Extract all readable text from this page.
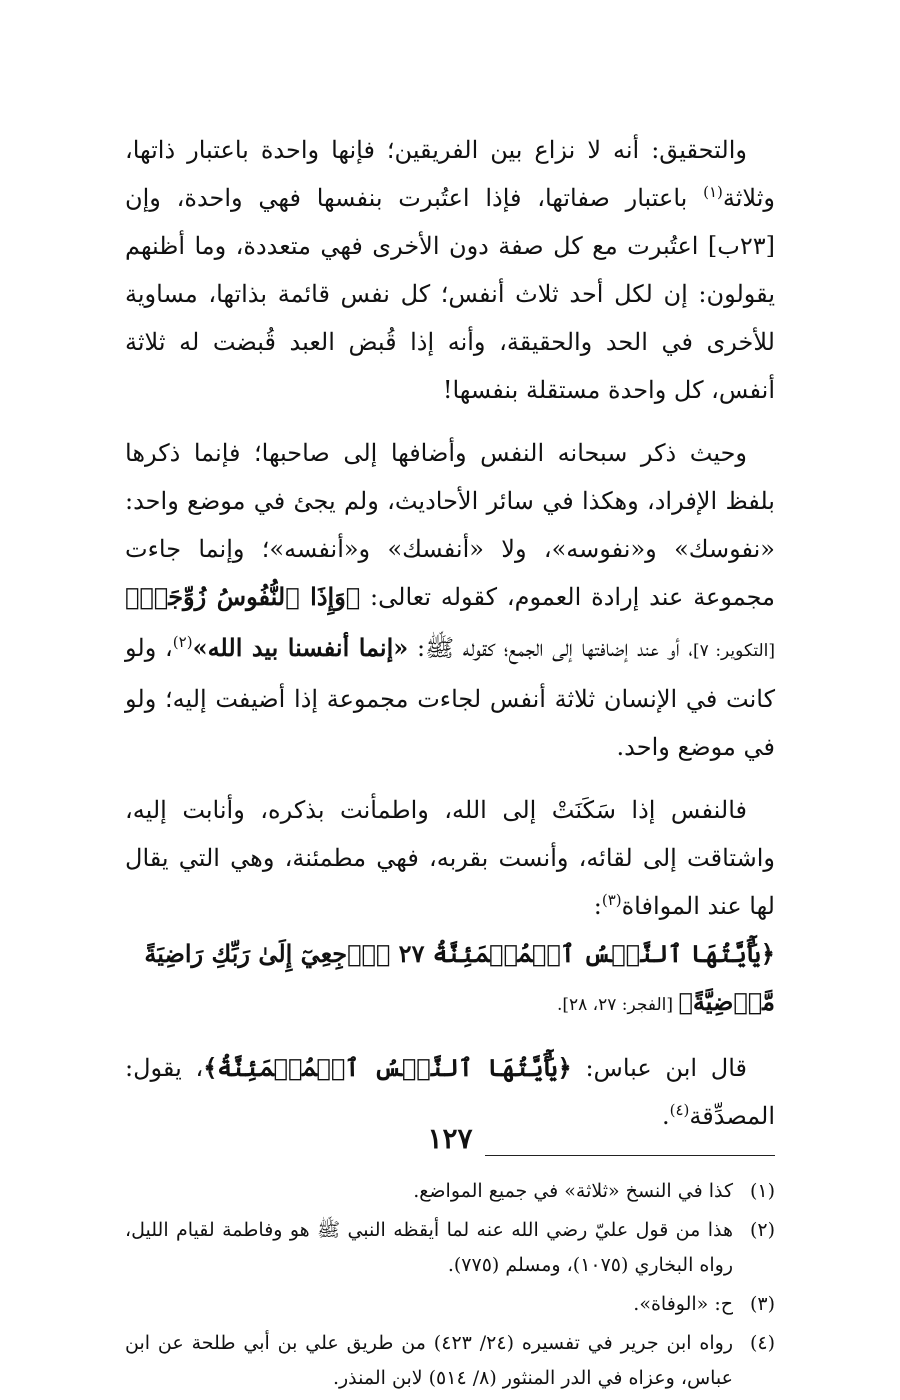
والتحقيق: أنه لا نزاع بين الفريقين؛ فإنها واحدة باعتبار ذاتها، وثلاثة$^{(١)}$ باعتبار صفاتها، فإذا اعتُبرت بنفسها فهي واحدة، وإن [٢٣ب] اعتُبرت مع كل صفة دون الأخرى فهي متعددة، وما أظنهم يقولون: إن لكل أحد ثلاث أنفس؛ كل نفس قائمة بذاتها، مساوية للأخرى في الحد والحقيقة، وأنه إذا قُبض العبد قُبضت له ثلاثة أنفس، كل واحدة مستقلة بنفسها!

وحيث ذكر سبحانه النفس وأضافها إلى صاحبها؛ فإنما ذكرها بلفظ الإفراد، وهكذا في سائر الأحاديث، ولم يجئ في موضع واحد: «نفوسك» و«نفوسه»، ولا «أنفسك» و«أنفسه»؛ وإنما جاءت مجموعة عند إرادة العموم، كقوله تعالى: ﴿وَإِذَا ٱلنُّفُوسُ زُوِّجَتۡ﴾ [التكوير: ٧]، أو عند إضافتها إلى الجمع؛ كقوله ﷺ: «إنما أنفسنا بيد الله»$^{(٢)}$، ولو كانت في الإنسان ثلاثة أنفس لجاءت مجموعة إذا أضيفت إليه؛ ولو في موضع واحد.

فالنفس إذا سَكَنَتْ إلى الله، واطمأنت بذكره، وأنابت إليه، واشتاقت إلى لقائه، وأنست بقربه، فهي مطمئنة، وهي التي يقال لها عند الموافاة$^{(٣)}$:

﴿يَٰٓأَيَّتُهَا ٱلنَّفۡسُ ٱلۡمُطۡمَئِنَّةُ ٢٧ ٱرۡجِعِيٓ إِلَىٰ رَبِّكِ رَاضِيَةً مَّرۡضِيَّةً﴾ [الفجر: ٢٧، ٢٨].

قال ابن عباس: ﴿يَٰٓأَيَّتُهَا ٱلنَّفۡسُ ٱلۡمُطۡمَئِنَّةُ﴾، يقول: المصدِّقة$^{(٤)}$.

(١)
كذا في النسخ «ثلاثة» في جميع المواضع.
(٢)
هذا من قول عليّ رضي الله عنه لما أيقظه النبي ﷺ هو وفاطمة لقيام الليل، رواه البخاري (١٠٧٥)، ومسلم (٧٧٥).
(٣)
ح: «الوفاة».
(٤)
رواه ابن جرير في تفسيره (٢٤/ ٤٢٣) من طريق علي بن أبي طلحة عن ابن عباس، وعزاه في الدر المنثور (٨/ ٥١٤) لابن المنذر.
١٢٧
